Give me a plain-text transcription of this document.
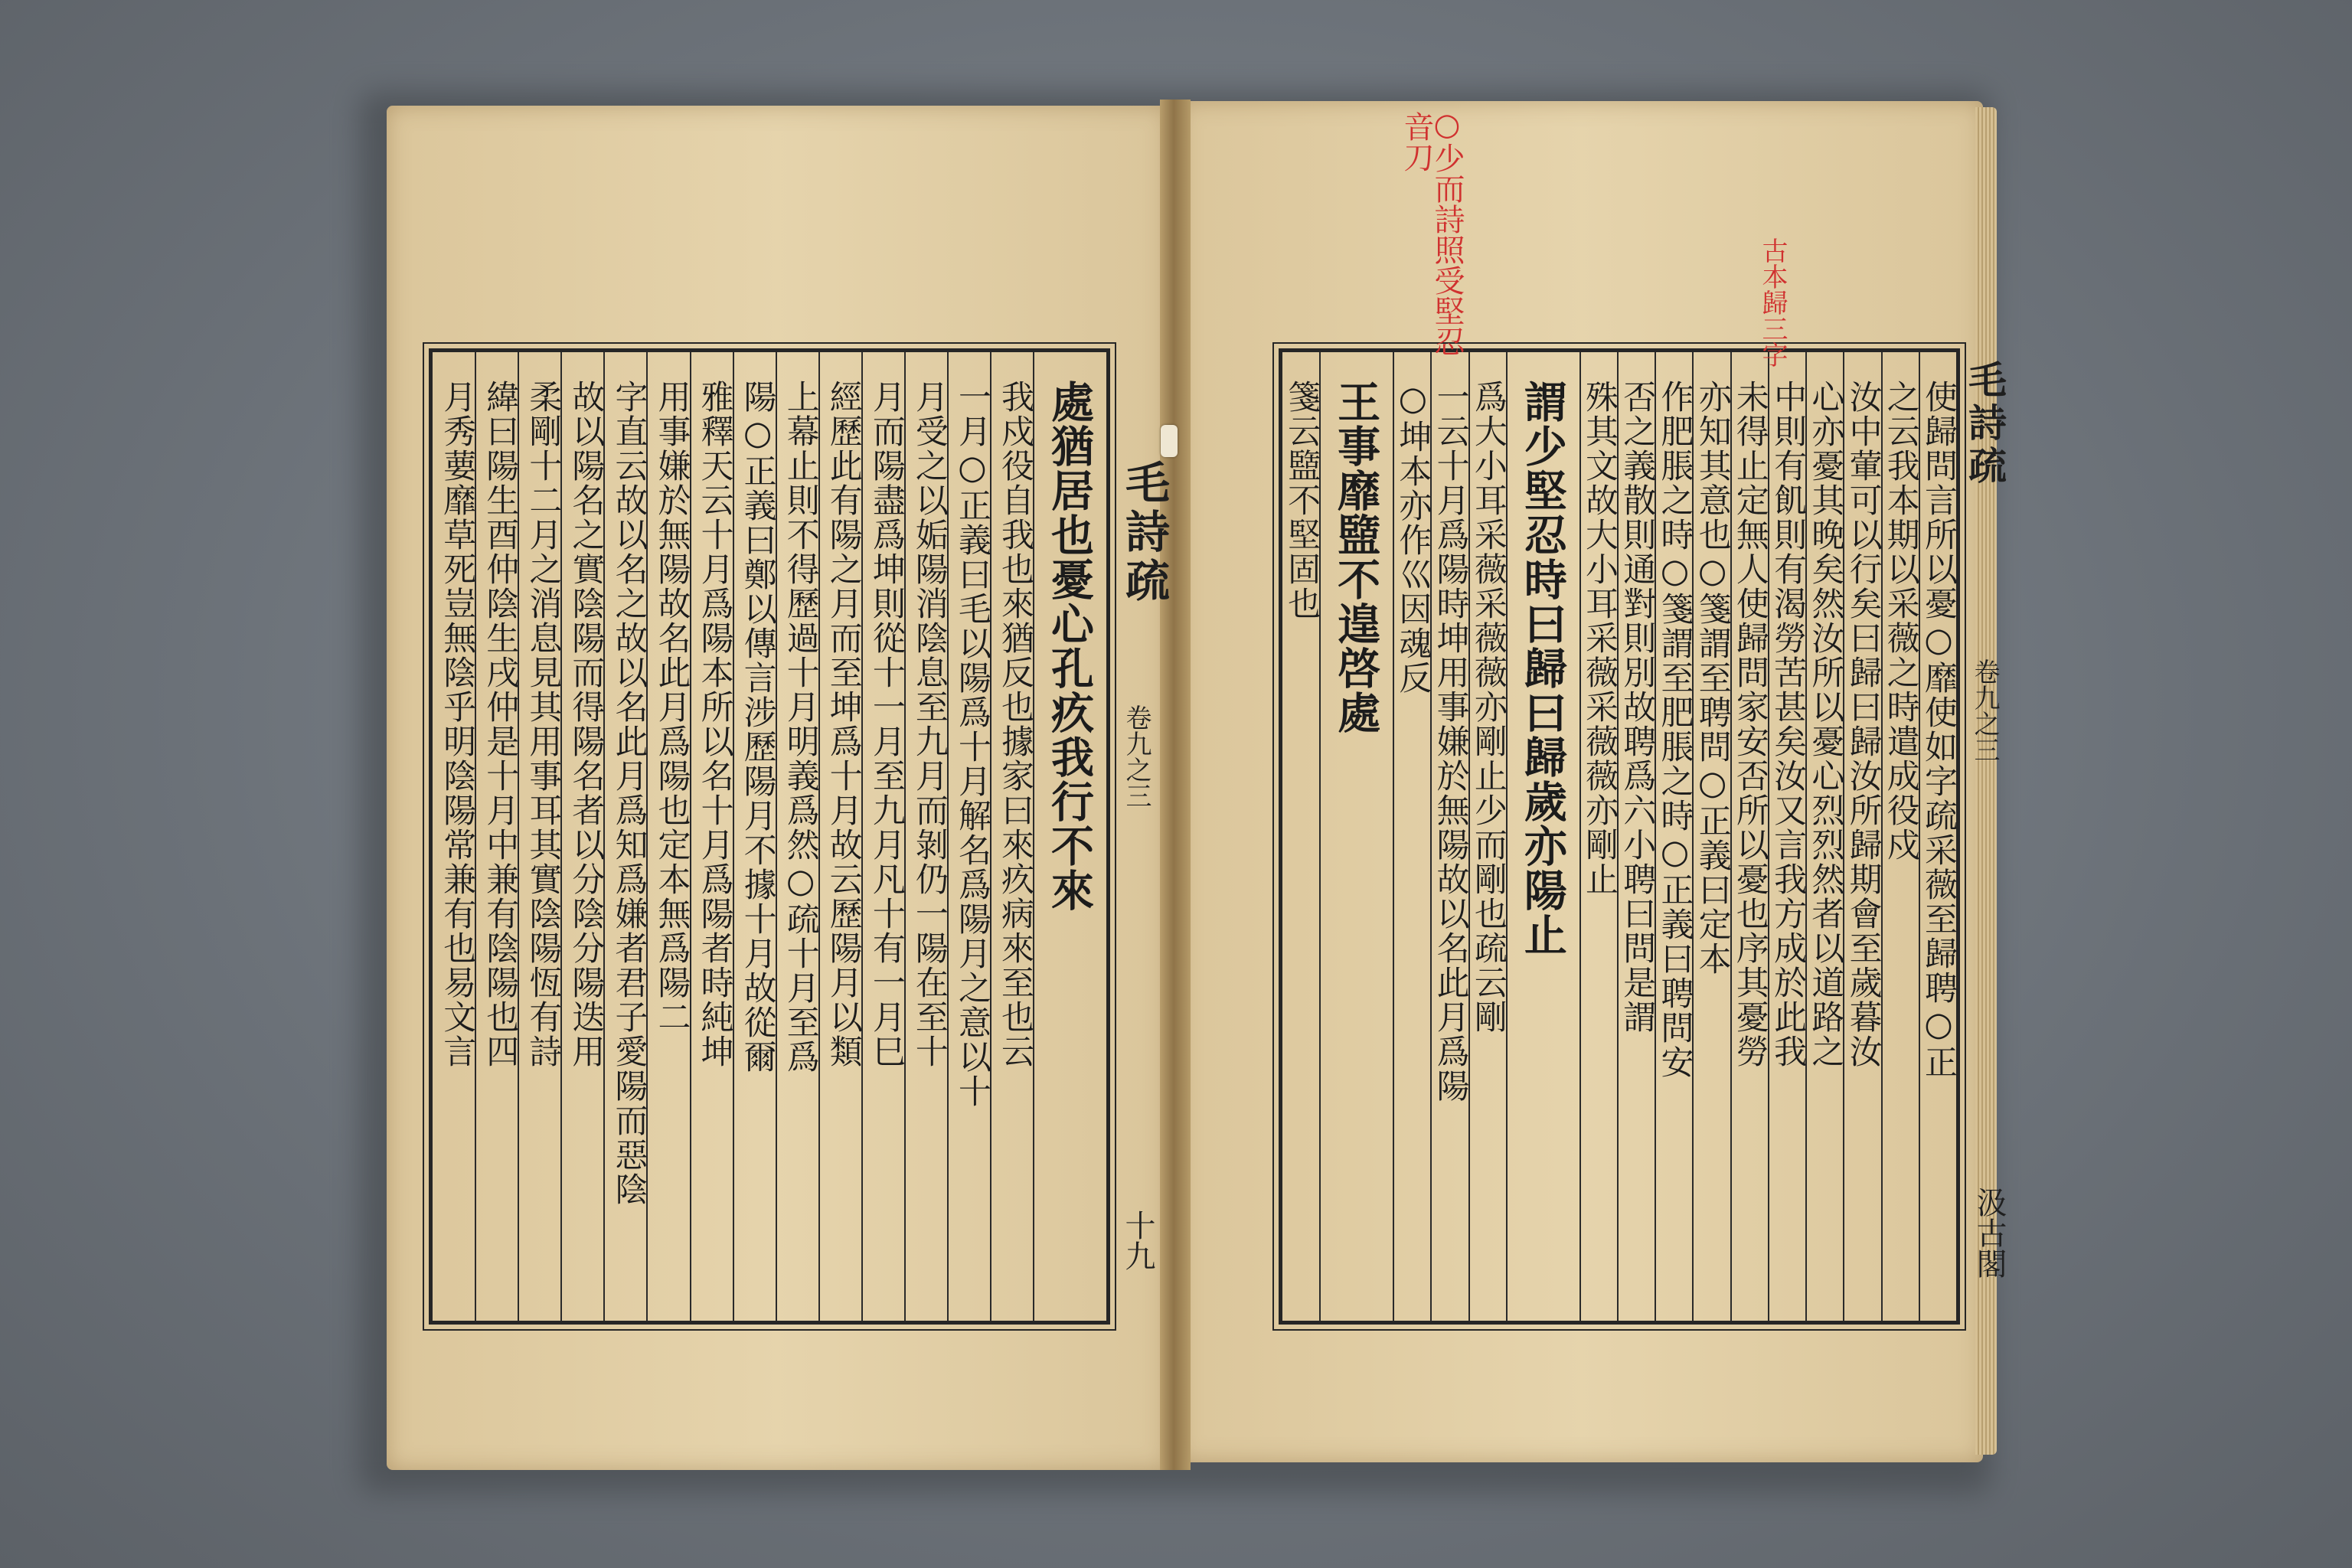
毛詩疏
卷九之三
十九
毛詩疏
卷九之三
汲古閣
處猶居也憂心孔疚我行不來
我戍役自我也來猶反也據家曰來疚病來至也云
一月○正義曰毛以陽爲十月解名爲陽月之意以十
月受之以姤陽消陰息至九月而剝仍一陽在至十
月而陽盡爲坤則從十一月至九月凡十有一月巳
經歷此有陽之月而至坤爲十月故云歷陽月以類
上幕止則不得歷過十月明義爲然○疏十月至爲
陽○正義曰鄭以傳言涉歷陽月不據十月故從爾
雅釋天云十月爲陽本所以名十月爲陽者時純坤
用事嫌於無陽故名此月爲陽也定本無爲陽二
字直云故以名之故以名此月爲知爲嫌者君子愛陽而惡陰
故以陽名之實陰陽而得陽名者以分陰分陽迭用
柔剛十二月之消息見其用事耳其實陰陽恆有詩
緯曰陽生酉仲陰生戌仲是十月中兼有陰陽也四
月秀葽靡草死豈無陰乎明陰陽常兼有也易文言	使歸問言所以憂○靡使如字疏采薇至歸聘○正
之云我本期以采薇之時遣成役戍
汝中葷可以行矣曰歸曰歸汝所歸期會至歲暮汝
心亦憂其晚矣然汝所以憂心烈烈然者以道路之
中則有飢則有渴勞苦甚矣汝又言我方成於此我
未得止定無人使歸問家安否所以憂也序其憂勞
亦知其意也○箋謂至聘問○正義曰定本
作肥脹之時○箋謂至肥脹之時○正義曰聘問安
否之義散則通對則別故聘爲六小聘曰問是謂
殊其文故大小耳采薇采薇薇亦剛止
謂少堅忍時曰歸曰歸歲亦陽止
爲大小耳采薇采薇薇亦剛止少而剛也疏云剛
一云十月爲陽時坤用事嫌於無陽故以名此月爲陽
○坤本亦作巛因魂反
王事靡盬不遑啓處
箋云盬不堅固也
○少而詩照受堅忍
音刀
古本歸三字
